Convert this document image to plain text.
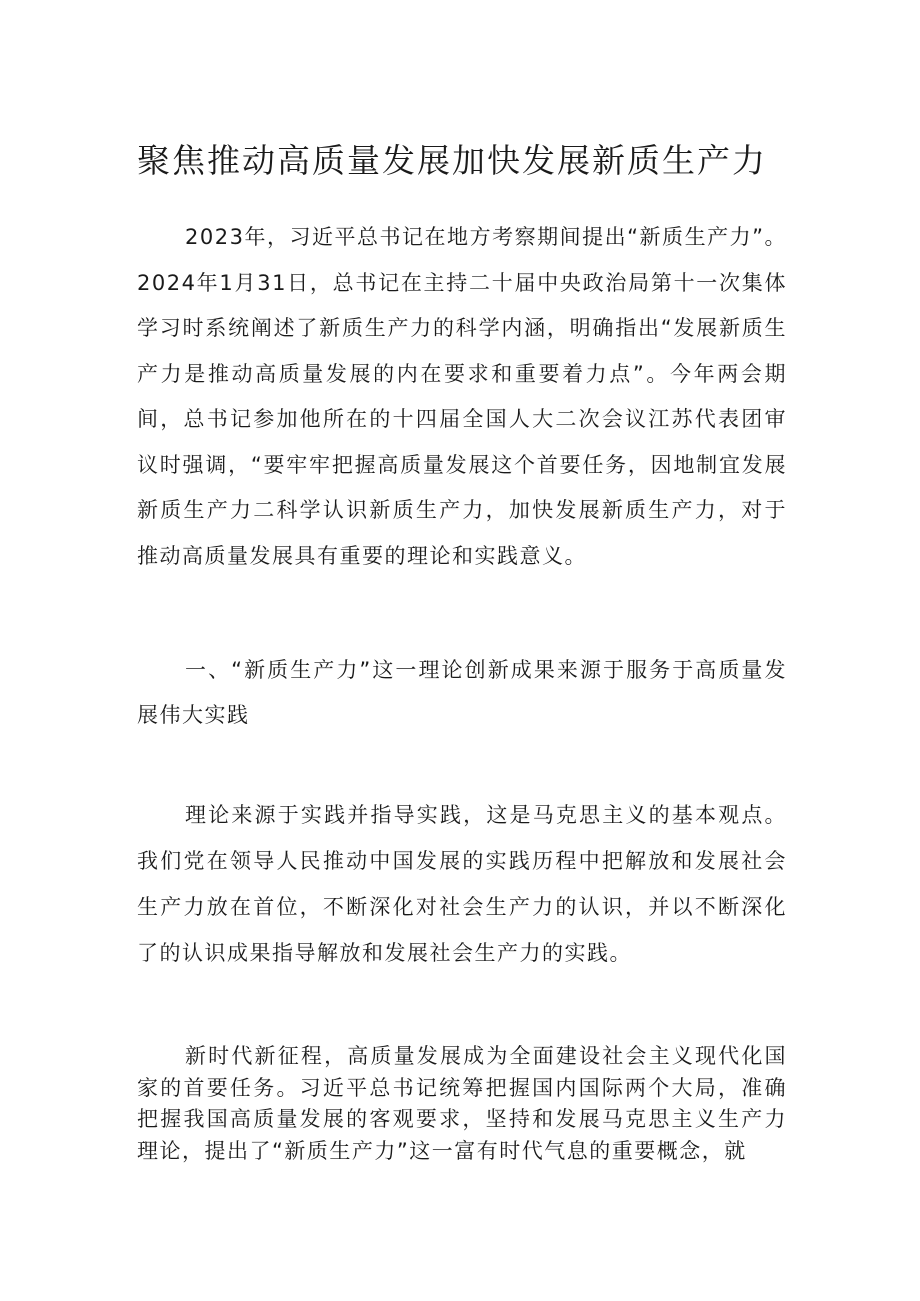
聚焦推动高质量发展加快发展新质生产力

2023年，习近平总书记在地方考察期间提出“新质生产力”。2024年1月31日，总书记在主持二十届中央政治局第十一次集体学习时系统阐述了新质生产力的科学内涵，明确指出“发展新质生产力是推动高质量发展的内在要求和重要着力点”。今年两会期间，总书记参加他所在的十四届全国人大二次会议江苏代表团审议时强调，“要牢牢把握高质量发展这个首要任务，因地制宜发展新质生产力二科学认识新质生产力，加快发展新质生产力，对于推动高质量发展具有重要的理论和实践意义。

一、“新质生产力”这一理论创新成果来源于服务于高质量发展伟大实践

理论来源于实践并指导实践，这是马克思主义的基本观点。我们党在领导人民推动中国发展的实践历程中把解放和发展社会生产力放在首位，不断深化对社会生产力的认识，并以不断深化了的认识成果指导解放和发展社会生产力的实践。

新时代新征程，高质量发展成为全面建设社会主义现代化国家的首要任务。习近平总书记统筹把握国内国际两个大局，准确把握我国高质量发展的客观要求，坚持和发展马克思主义生产力理论，提出了“新质生产力”这一富有时代气息的重要概念，就
